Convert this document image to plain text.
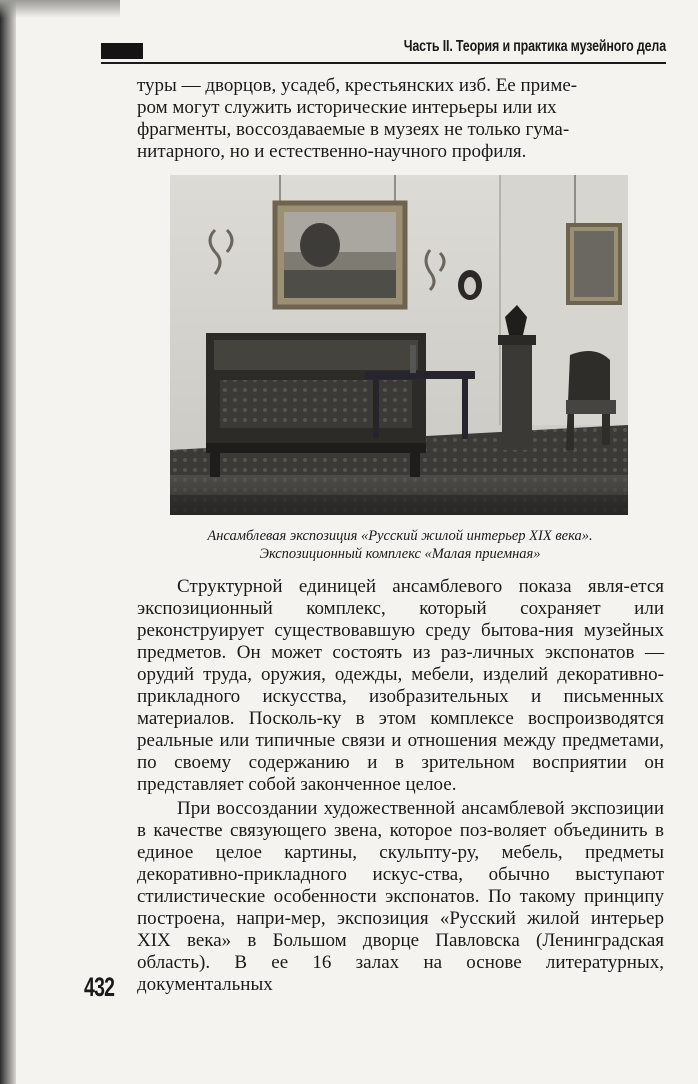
Часть II. Теория и практика музейного дела

туры — дворцов, усадеб, крестьянских изб. Ее приме-

ром могут служить исторические интерьеры или их

фрагменты, воссоздаваемые в музеях не только гума-

нитарного, но и естественно-научного профиля.

Ансамблевая экспозиция «Русский жилой интерьер XIX века».
Экспозиционный комплекс «Малая приемная»

Структурной единицей ансамблевого показа явля-ется экспозиционный комплекс, который сохраняет или реконструирует существовавшую среду бытова-ния музейных предметов. Он может состоять из раз-личных экспонатов — орудий труда, оружия, одежды, мебели, изделий декоративно-прикладного искусства, изобразительных и письменных материалов. Посколь-ку в этом комплексе воспроизводятся реальные или типичные связи и отношения между предметами, по своему содержанию и в зрительном восприятии он представляет собой законченное целое.

При воссоздании художественной ансамблевой экспозиции в качестве связующего звена, которое поз-воляет объединить в единое целое картины, скульпту-ру, мебель, предметы декоративно-прикладного искус-ства, обычно выступают стилистические особенности экспонатов. По такому принципу построена, напри-мер, экспозиция «Русский жилой интерьер XIX века» в Большом дворце Павловска (Ленинградская область). В ее 16 залах на основе литературных, документальных

432
